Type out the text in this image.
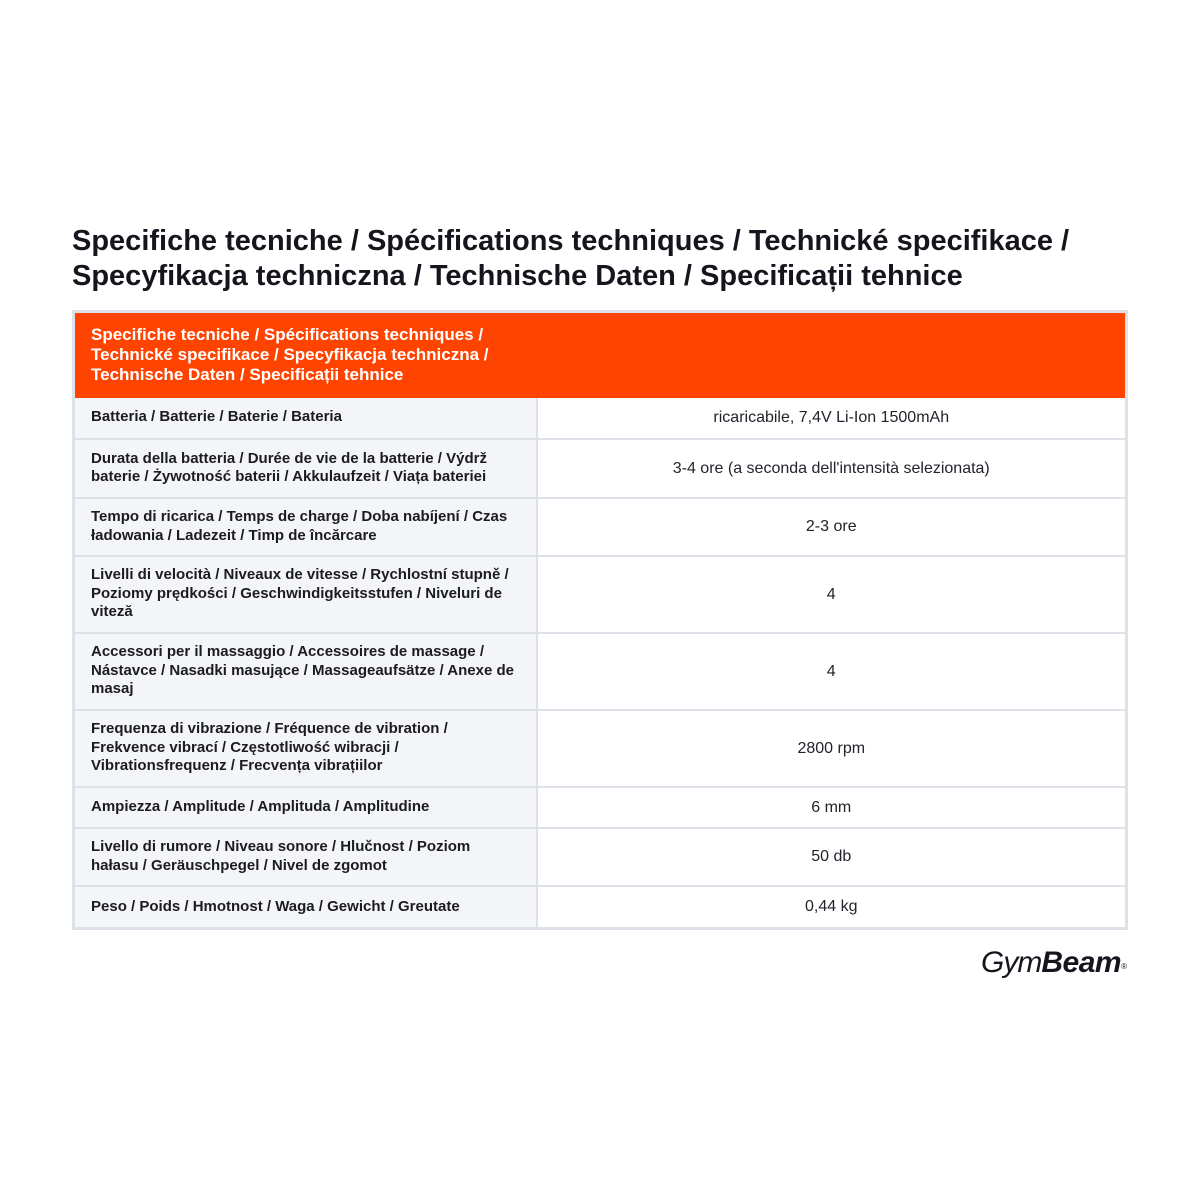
Specifiche tecniche / Spécifications techniques / Technické specifikace / Specyfikacja techniczna / Technische Daten / Specificații tehnice
Specifiche tecniche / Spécifications techniques / Technické specifikace / Specyfikacja techniczna / Technische Daten / Specificații tehnice	

Batteria / Batterie / Baterie / Bateria	ricaricabile, 7,4V Li-Ion 1500mAh
Durata della batteria / Durée de vie de la batterie / Výdrž baterie / Żywotność baterii / Akkulaufzeit / Viața bateriei	3-4 ore (a seconda dell'intensità selezionata)
Tempo di ricarica / Temps de charge / Doba nabíjení / Czas ładowania / Ladezeit / Timp de încărcare	2-3 ore
Livelli di velocità / Niveaux de vitesse / Rychlostní stupně / Poziomy prędkości / Geschwindigkeitsstufen / Niveluri de viteză	4
Accessori per il massaggio / Accessoires de massage / Nástavce / Nasadki masujące / Massageaufsätze / Anexe de masaj	4
Frequenza di vibrazione / Fréquence de vibration / Frekvence vibrací / Częstotliwość wibracji / Vibrationsfrequenz / Frecvența vibrațiilor	2800 rpm
Ampiezza / Amplitude / Amplituda / Amplitudine	6 mm
Livello di rumore / Niveau sonore / Hlučnost / Poziom hałasu / Geräuschpegel / Nivel de zgomot	50 db
Peso / Poids / Hmotnost / Waga / Gewicht / Greutate	0,44 kg
GymBeam®
